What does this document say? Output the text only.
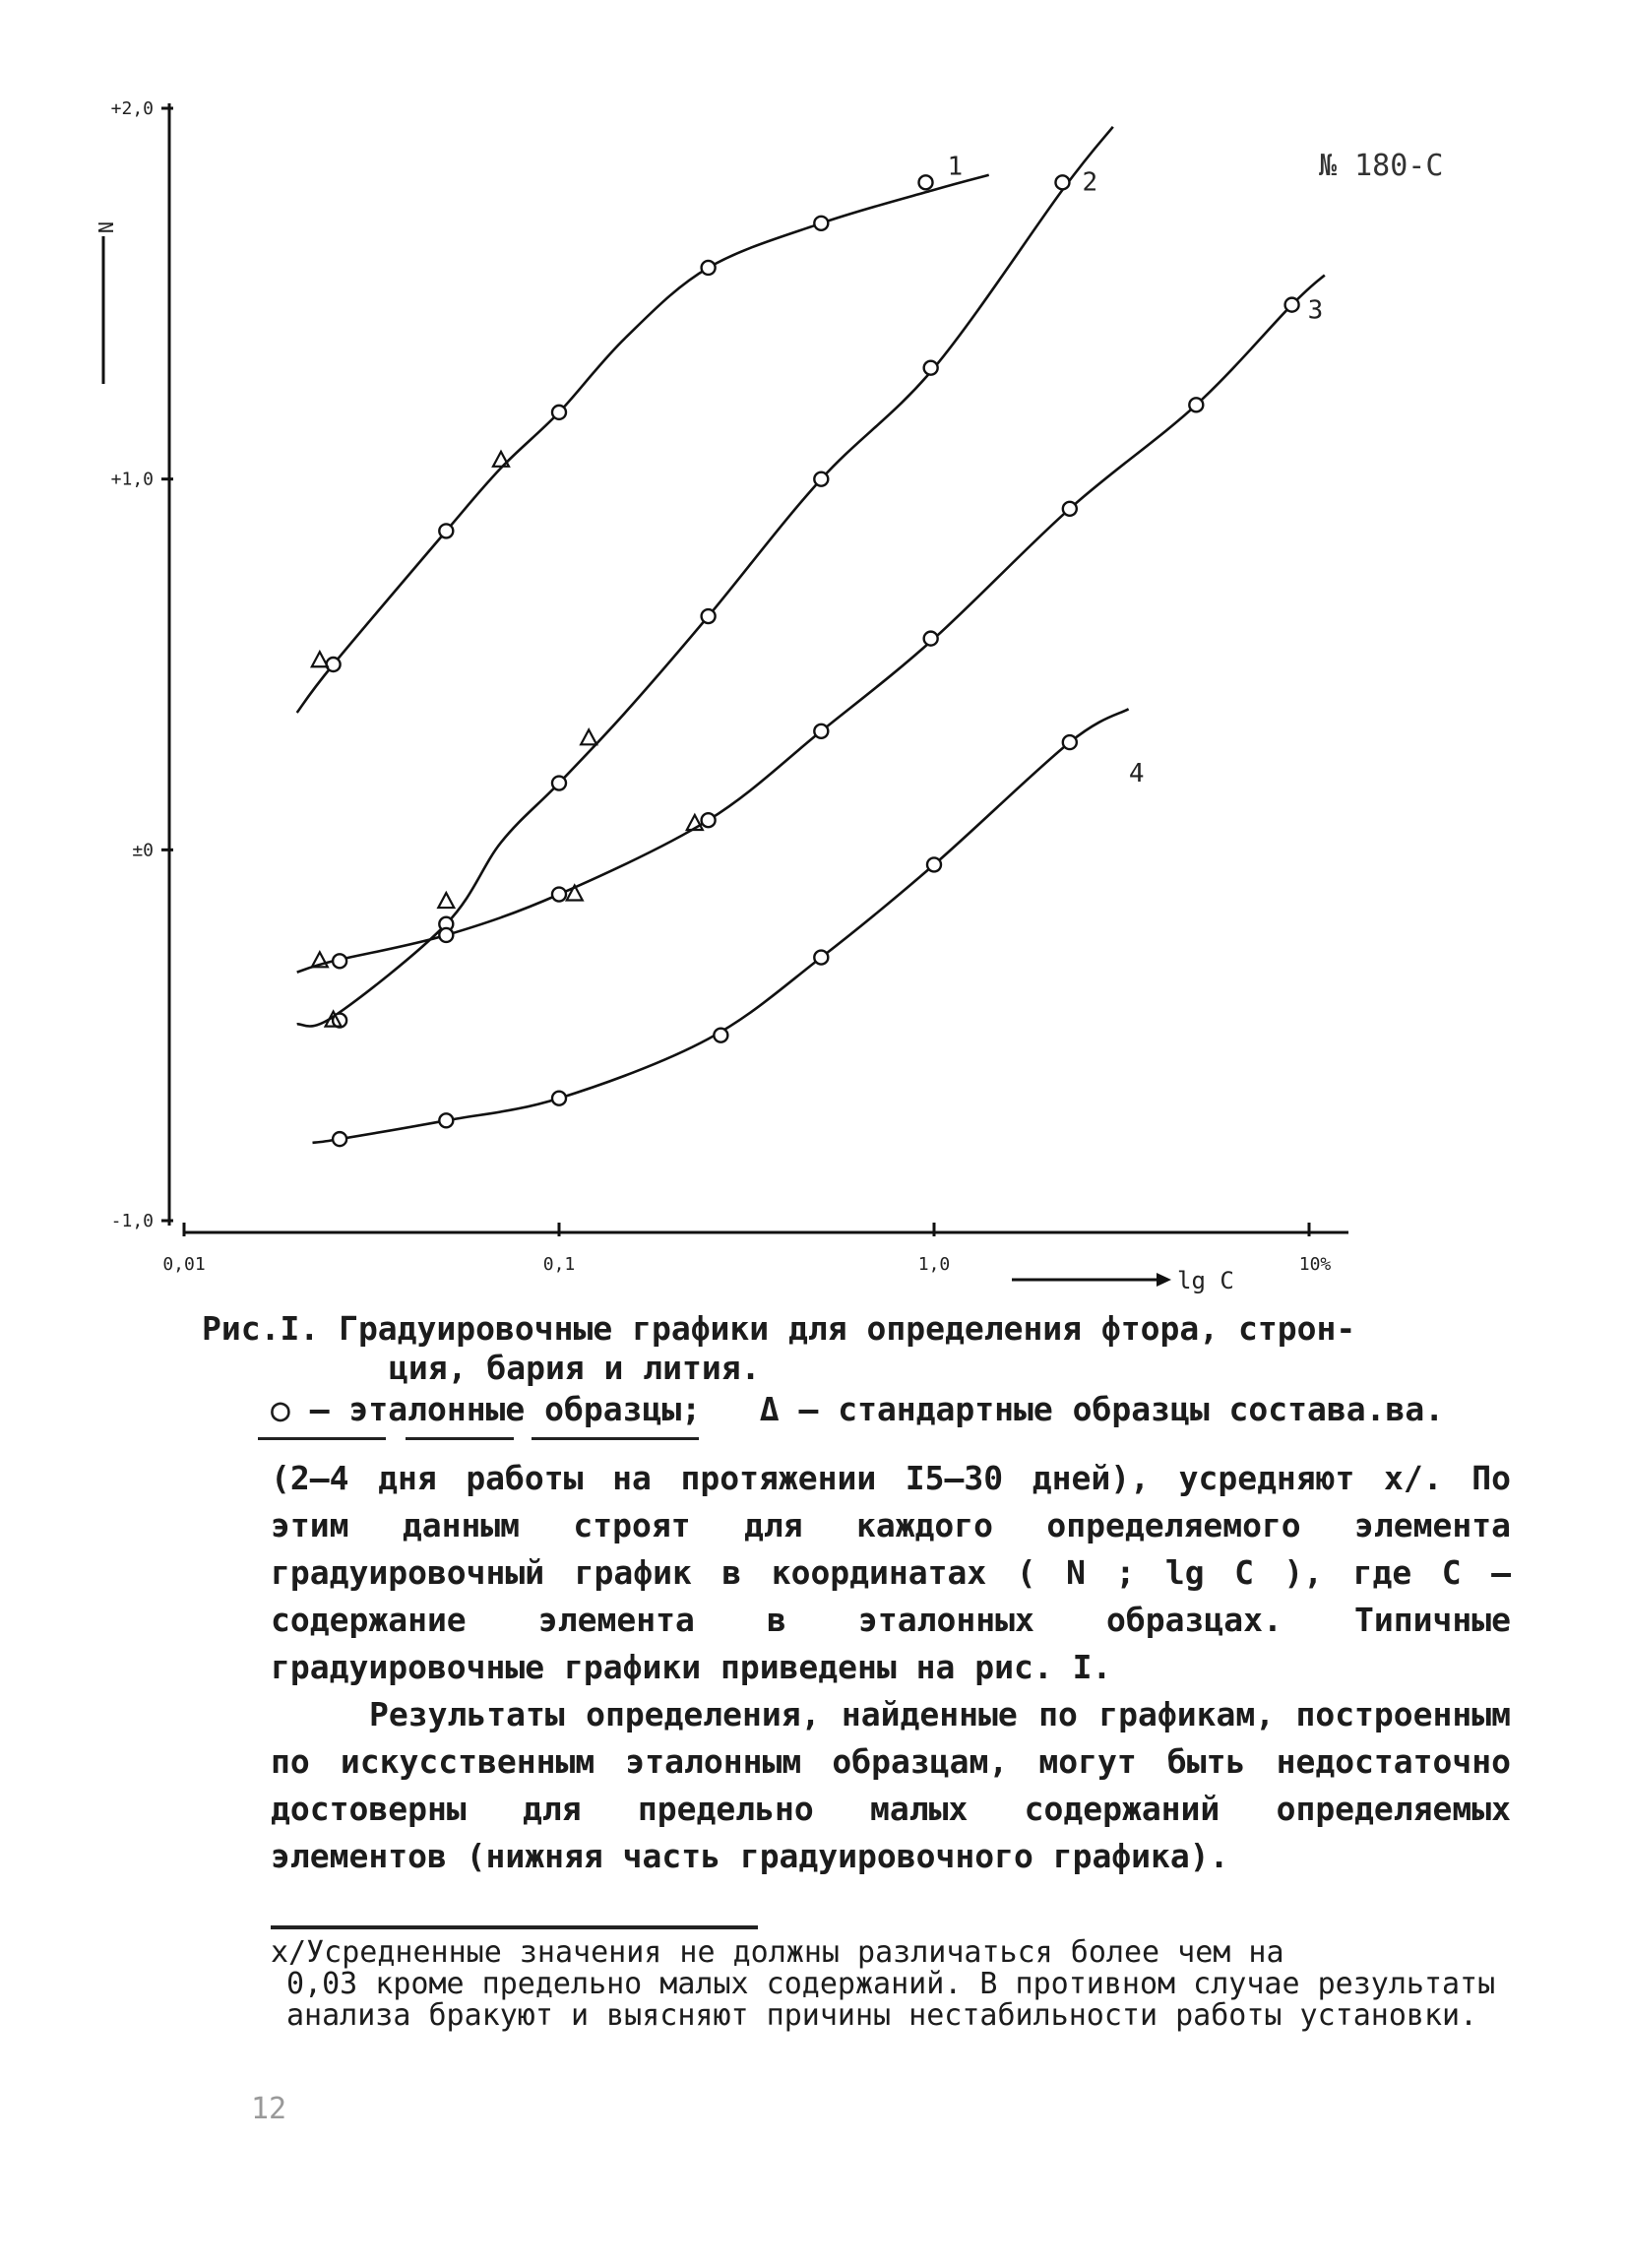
+2,0
+1,0
±0
-1,0
0,01	0,1	1,0	10%
N
lg C
1
2
3
4
№ 180-С
Рис.I. Градуировочные графики для определения фтора, строн-
ция, бария и лития.
○ – эталонные образцы; Δ – стандартные образцы состава.ва.

(2–4 дня работы на протяжении I5–30 дней), усредняют x/. По этим данным строят для каждого определяемого элемента градуировочный график в координатах ( N ; lg C ), где С – содержание элемента в эталонных образцах. Типичные градуировочные графики приведены на рис. I.

Результаты определения, найденные по графикам, построенным по искусственным эталонным образцам, могут быть недостаточно достоверны для предельно малых содержаний определяемых элементов (нижняя часть градуировочного графика).

x/Усредненные значения не должны различаться более чем на
0,03 кроме предельно малых содержаний. В противном случае результаты анализа бракуют и выясняют причины нестабильности работы установки.
12
